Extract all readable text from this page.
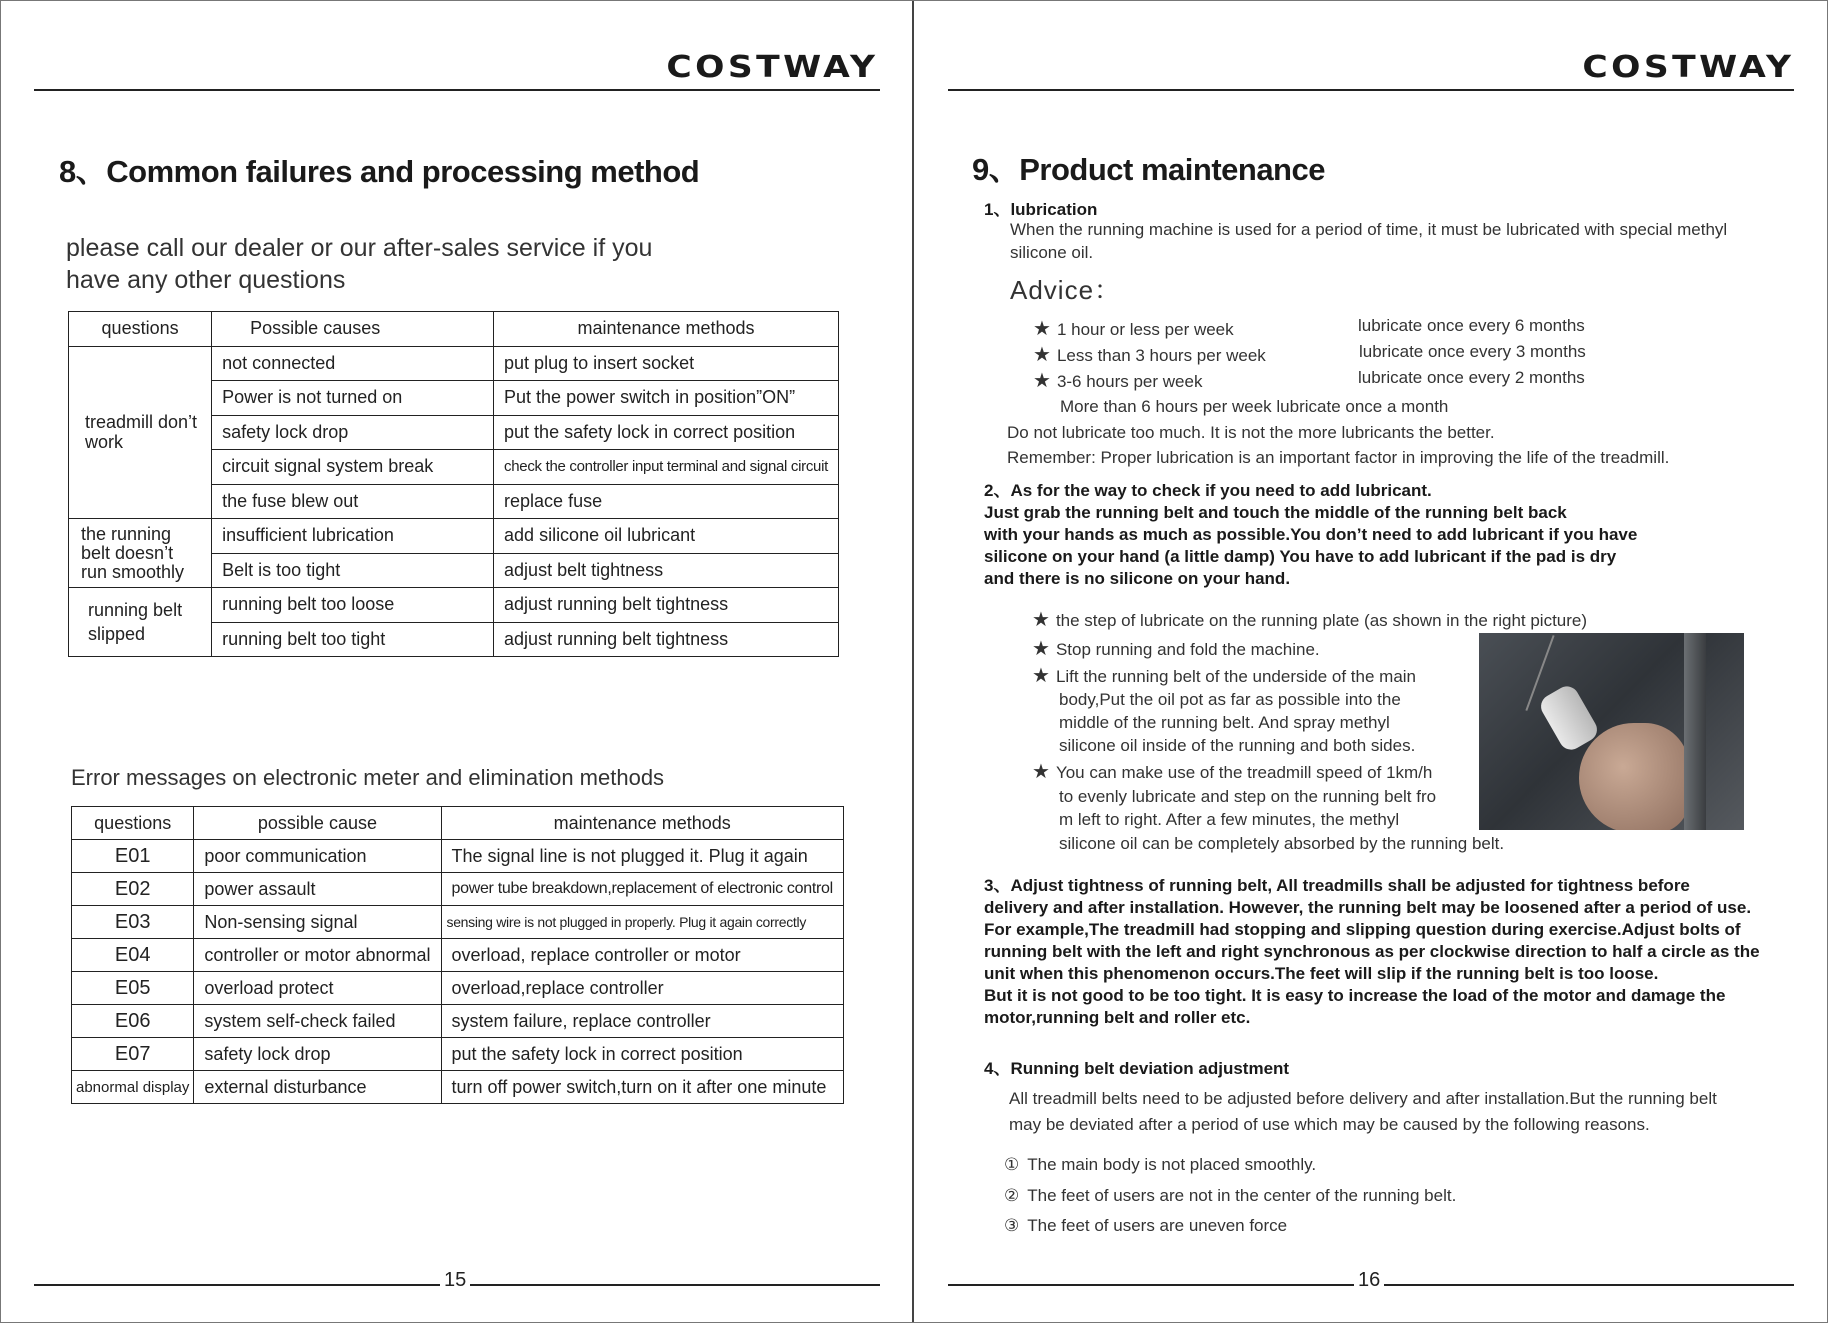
COSTWAY
8、Common failures and processing method
please call our dealer or our after-sales service if you
have any other questions
questions	Possible causes	maintenance methods
treadmill don’t work	not connected	put plug to insert socket
	Power is not turned on	Put the power switch in position”ON”
	safety lock drop	put the safety lock in correct position
	circuit signal system break	check the controller input terminal and signal circuit
	the fuse blew out	replace fuse
the running belt doesn’t run smoothly	insufficient lubrication	add silicone oil lubricant
	Belt is too tight	adjust belt tightness
running belt slipped	running belt too loose	adjust running belt tightness
	running belt too tight	adjust running belt tightness
Error messages on electronic meter and elimination methods
questions	possible cause	maintenance methods
E01	poor communication	The signal line is not plugged it. Plug it again
E02	power assault	power tube breakdown,replacement of electronic control
E03	Non-sensing signal	sensing wire is not plugged in properly. Plug it again correctly
E04	controller or motor abnormal	overload, replace controller or motor
E05	overload protect	overload,replace controller
E06	system self-check failed	system failure, replace controller
E07	safety lock drop	put the safety lock in correct position
abnormal display	external disturbance	turn off power switch,turn on it after one minute
15
COSTWAY
16
9、Product maintenance
1、lubrication
When the running machine is used for a period of time, it must be lubricated with special methyl
silicone oil.
Advice：
★ 1 hour or less per week	lubricate once every 6 months
★ Less than 3 hours per week	lubricate once every 3 months
★ 3-6 hours per week	lubricate once every 2 months
More than 6 hours per week lubricate once a month
Do not lubricate too much. It is not the more lubricants the better.
Remember: Proper lubrication is an important factor in improving the life of the treadmill.
2、As for the way to check if you need to add lubricant.
Just grab the running belt and touch the middle of the running belt back
with your hands as much as possible.You don’t need to add lubricant if you have
silicone on your hand (a little damp) You have to add lubricant if the pad is dry
and there is no silicone on your hand.
★ the step of lubricate on the running plate (as shown in the right picture)
★ Stop running and fold the machine.
★ Lift the running belt of the underside of the main
body,Put the oil pot as far as possible into the
middle of the running belt. And spray methyl
silicone oil inside of the running and both sides.
★ You can make use of the treadmill speed of 1km/h
to evenly lubricate and step on the running belt fro
m left to right. After a few minutes, the methyl
silicone oil can be completely absorbed by the running belt.
3、Adjust tightness of running belt, All treadmills shall be adjusted for tightness before
delivery and after installation. However, the running belt may be loosened after a period of use.
For example,The treadmill had stopping and slipping question during exercise.Adjust bolts of
running belt with the left and right synchronous as per clockwise direction to half a circle as the
unit when this phenomenon occurs.The feet will slip if the running belt is too loose.
But it is not good to be too tight. It is easy to increase the load of the motor and damage the
motor,running belt and roller etc.
4、Running belt deviation adjustment
All treadmill belts need to be adjusted before delivery and after installation.But the running belt
may be deviated after a period of use which may be caused by the following reasons.
① The main body is not placed smoothly.
② The feet of users are not in the center of the running belt.
③ The feet of users are uneven force
